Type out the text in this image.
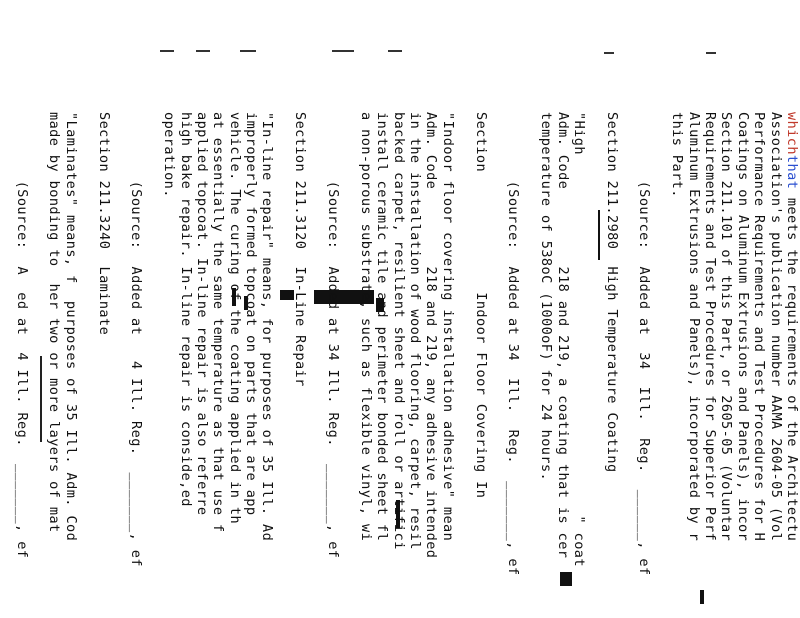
whichthat meets the requirements of the Architectu
Association's publication number AAMA 2604-05 (Vol
Performance Requirements and Test Procedures for H
Coatings on Aluminum Extrusions and Panels), incor
Section 211.101 of this Part, or 2605-05 (Voluntar
Requirements and Test Procedures for Superior Perf
Aluminum Extrusions and Panels), incorporated by r
this Part.
(Source:  Added at  34  Ill.  Reg.  ______, ef
Section 211.2980  High Temperature Coating
"High                                          " coat
Adm. Code         218 and 219, a coating that is cer
temperature of 538oC (1000oF) for 24 hours.
(Source:  Added at 34  Ill.  Reg.  _______, ef
Section              Indoor Floor Covering In
"Indoor floor covering installation adhesive" mean
Adm. Code         218 and 219, any adhesive intended
in the installation of wood flooring, carpet, resil
backed carpet, resilient sheet and roll or artifici
install ceramic tile and perimeter bonded sheet fl
a non-porous substrate, such as flexible vinyl, wi
(Source:  Added at 34 Ill. Reg.  _______, ef
Section 211.3120  In-Line Repair
"In-line repair" means, for purposes of 35 Ill. Ad
improperly formed topcoat on parts that are app
vehicle. The curing of the coating applied in th
at essentially the same temperature as that use f
applied topcoat. In-line repair is also referre
high bake repair. In-line repair is conside,ed
operation.
(Source:  Added at   4 Ill. Reg.  _______, ef
Section 211.3240  Laminate
"Laminates" means, f  purposes of 35 Ill. Adm. Cod
made by bonding to  her two or more layers of mat
(Source:  A  ed at  4 Ill. Reg.  _______, ef
